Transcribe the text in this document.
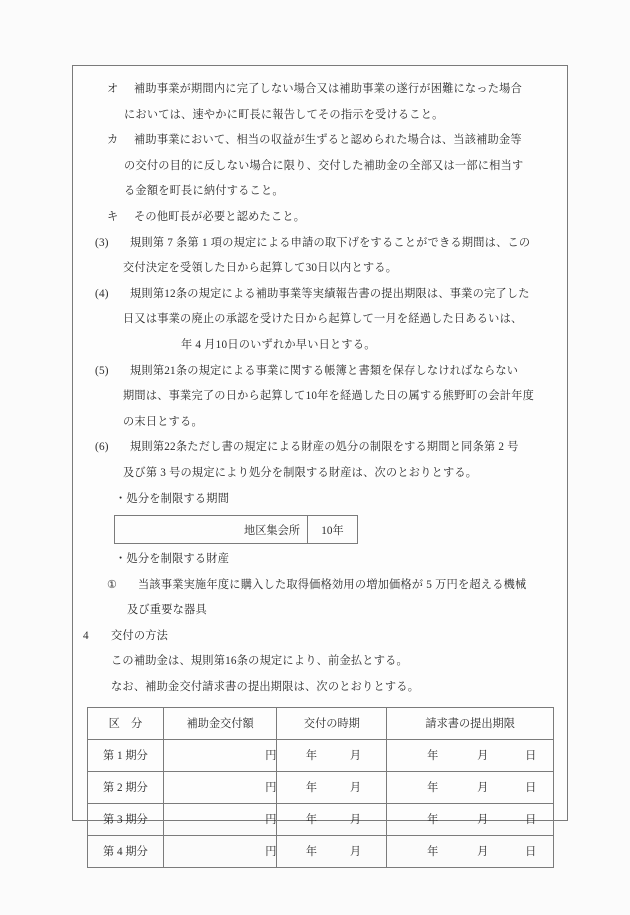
オ 補助事業が期間内に完了しない場合又は補助事業の遂行が困難になった場合
においては、速やかに町長に報告してその指示を受けること。
カ 補助事業において、相当の収益が生ずると認められた場合は、当該補助金等
の交付の目的に反しない場合に限り、交付した補助金の全部又は一部に相当す
る金額を町長に納付すること。
キ その他町長が必要と認めたこと。
(3) 規則第 7 条第 1 項の規定による申請の取下げをすることができる期間は、この
交付決定を受領した日から起算して30日以内とする。
(4) 規則第12条の規定による補助事業等実績報告書の提出期限は、事業の完了した
日又は事業の廃止の承認を受けた日から起算して一月を経過した日あるいは、
年 4 月10日のいずれか早い日とする。
(5) 規則第21条の規定による事業に関する帳簿と書類を保存しなければならない
期間は、事業完了の日から起算して10年を経過した日の属する熊野町の会計年度
の末日とする。
(6) 規則第22条ただし書の規定による財産の処分の制限をする期間と同条第 2 号
及び第 3 号の規定により処分を制限する財産は、次のとおりとする。
・処分を制限する期間
地区集会所	10年
・処分を制限する財産
① 当該事業実施年度に購入した取得価格効用の増加価格が 5 万円を超える機械
及び重要な器具
4 交付の方法
この補助金は、規則第16条の規定により、前金払とする。
なお、補助金交付請求書の提出期限は、次のとおりとする。
区　分	補助金交付額	交付の時期	請求書の提出期限
第 1 期分	円	年 月	年 月 日

第 2 期分	円	年 月	年 月 日

第 3 期分	円	年 月	年 月 日

第 4 期分	円	年 月	年 月 日
